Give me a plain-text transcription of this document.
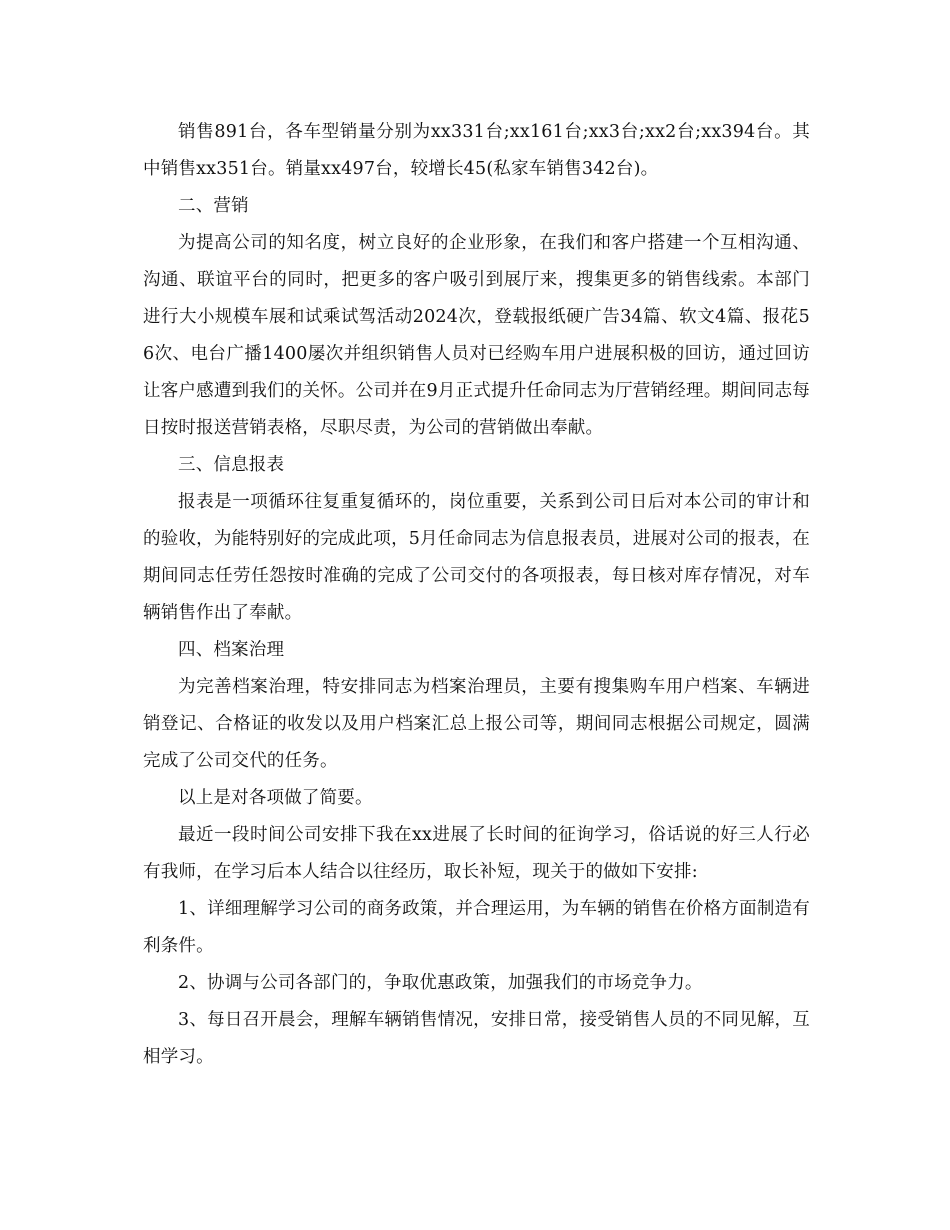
销售891台，各车型销量分别为xx331台;xx161台;xx3台;xx2台;xx394台。其中销售xx351台。销量xx497台，较增长45(私家车销售342台)。

二、营销

为提高公司的知名度，树立良好的企业形象，在我们和客户搭建一个互相沟通、沟通、联谊平台的同时，把更多的客户吸引到展厅来，搜集更多的销售线索。本部门进行大小规模车展和试乘试驾活动2024次，登载报纸硬广告34篇、软文4篇、报花56次、电台广播1400屡次并组织销售人员对已经购车用户进展积极的回访，通过回访让客户感遭到我们的关怀。公司并在9月正式提升任命同志为厅营销经理。期间同志每日按时报送营销表格，尽职尽责，为公司的营销做出奉献。

三、信息报表

报表是一项循环往复重复循环的，岗位重要，关系到公司日后对本公司的审计和的验收，为能特别好的完成此项，5月任命同志为信息报表员，进展对公司的报表，在期间同志任劳任怨按时准确的完成了公司交付的各项报表，每日核对库存情况，对车辆销售作出了奉献。

四、档案治理

为完善档案治理，特安排同志为档案治理员，主要有搜集购车用户档案、车辆进销登记、合格证的收发以及用户档案汇总上报公司等，期间同志根据公司规定，圆满完成了公司交代的任务。

以上是对各项做了简要。

最近一段时间公司安排下我在xx进展了长时间的征询学习，俗话说的好三人行必有我师，在学习后本人结合以往经历，取长补短，现关于的做如下安排:

1、详细理解学习公司的商务政策，并合理运用，为车辆的销售在价格方面制造有利条件。

2、协调与公司各部门的，争取优惠政策，加强我们的市场竞争力。

3、每日召开晨会，理解车辆销售情况，安排日常，接受销售人员的不同见解，互相学习。
